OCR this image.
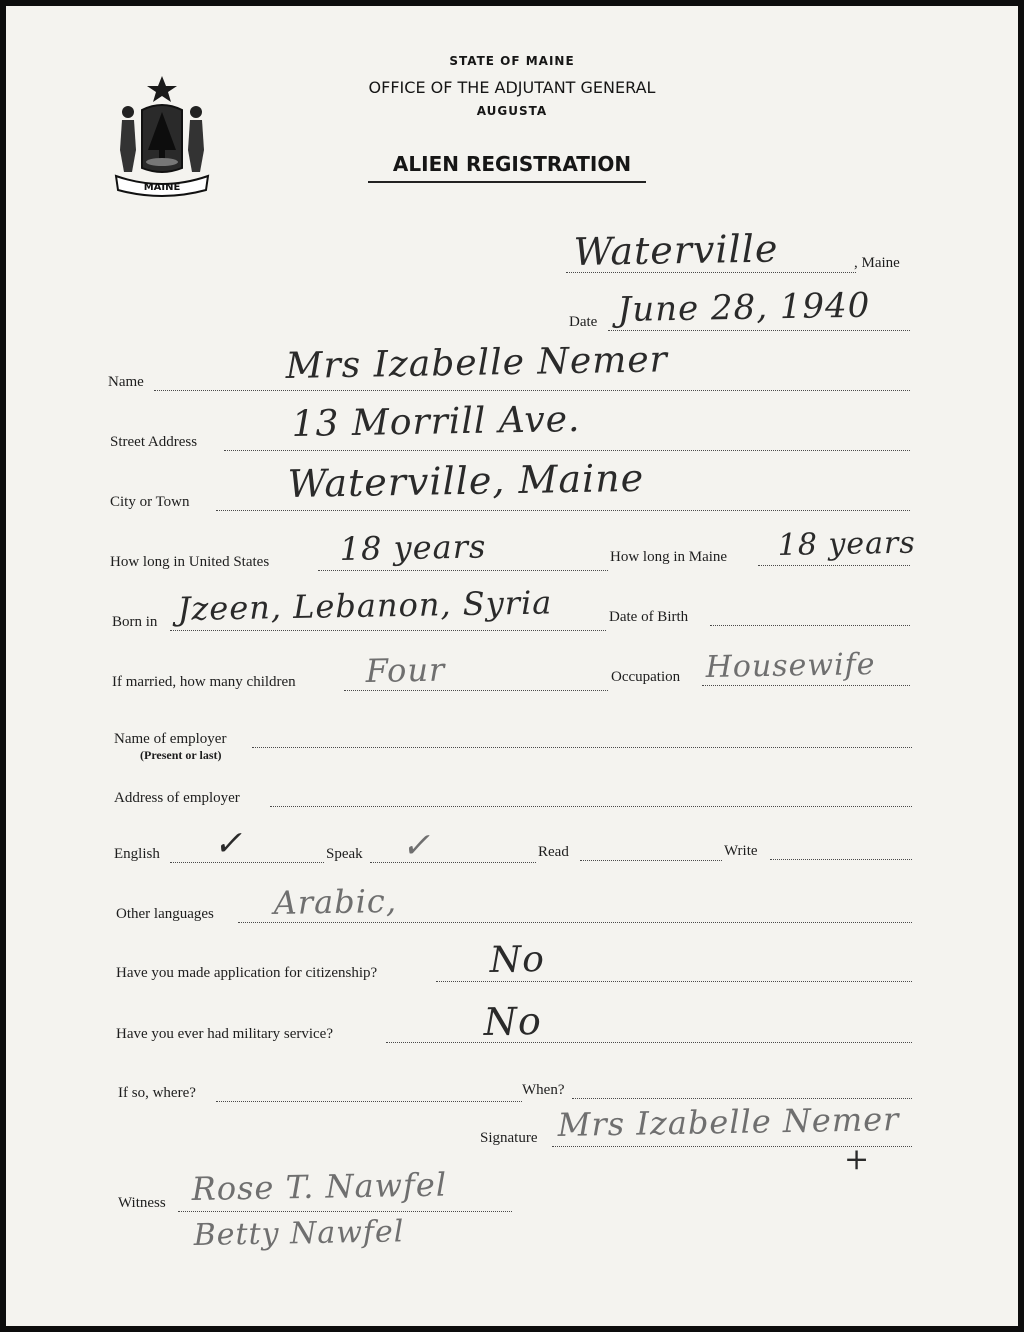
MAINE
STATE OF MAINE
OFFICE OF THE ADJUTANT GENERAL
AUGUSTA
ALIEN REGISTRATION
, Maine
Waterville
Date June 28, 1940
Name	Mrs Izabelle Nemer
Street Address	13 Morrill Ave.
City or Town	Waterville, Maine
How long in United States 18 years	How long in Maine 18 years
Born in Jzeen, Lebanon, Syria	Date of Birth
If married, how many children Four	Occupation Housewife
Name of employer
(Present or last)
Address of employer
English ✓	Speak ✓	Read	Write
Other languages Arabic,
Have you made application for citizenship?	No
Have you ever had military service?	No
If so, where?	When?
Signature Mrs Izabelle Nemer
+
Witness Rose T. Nawfel
Betty Nawfel
